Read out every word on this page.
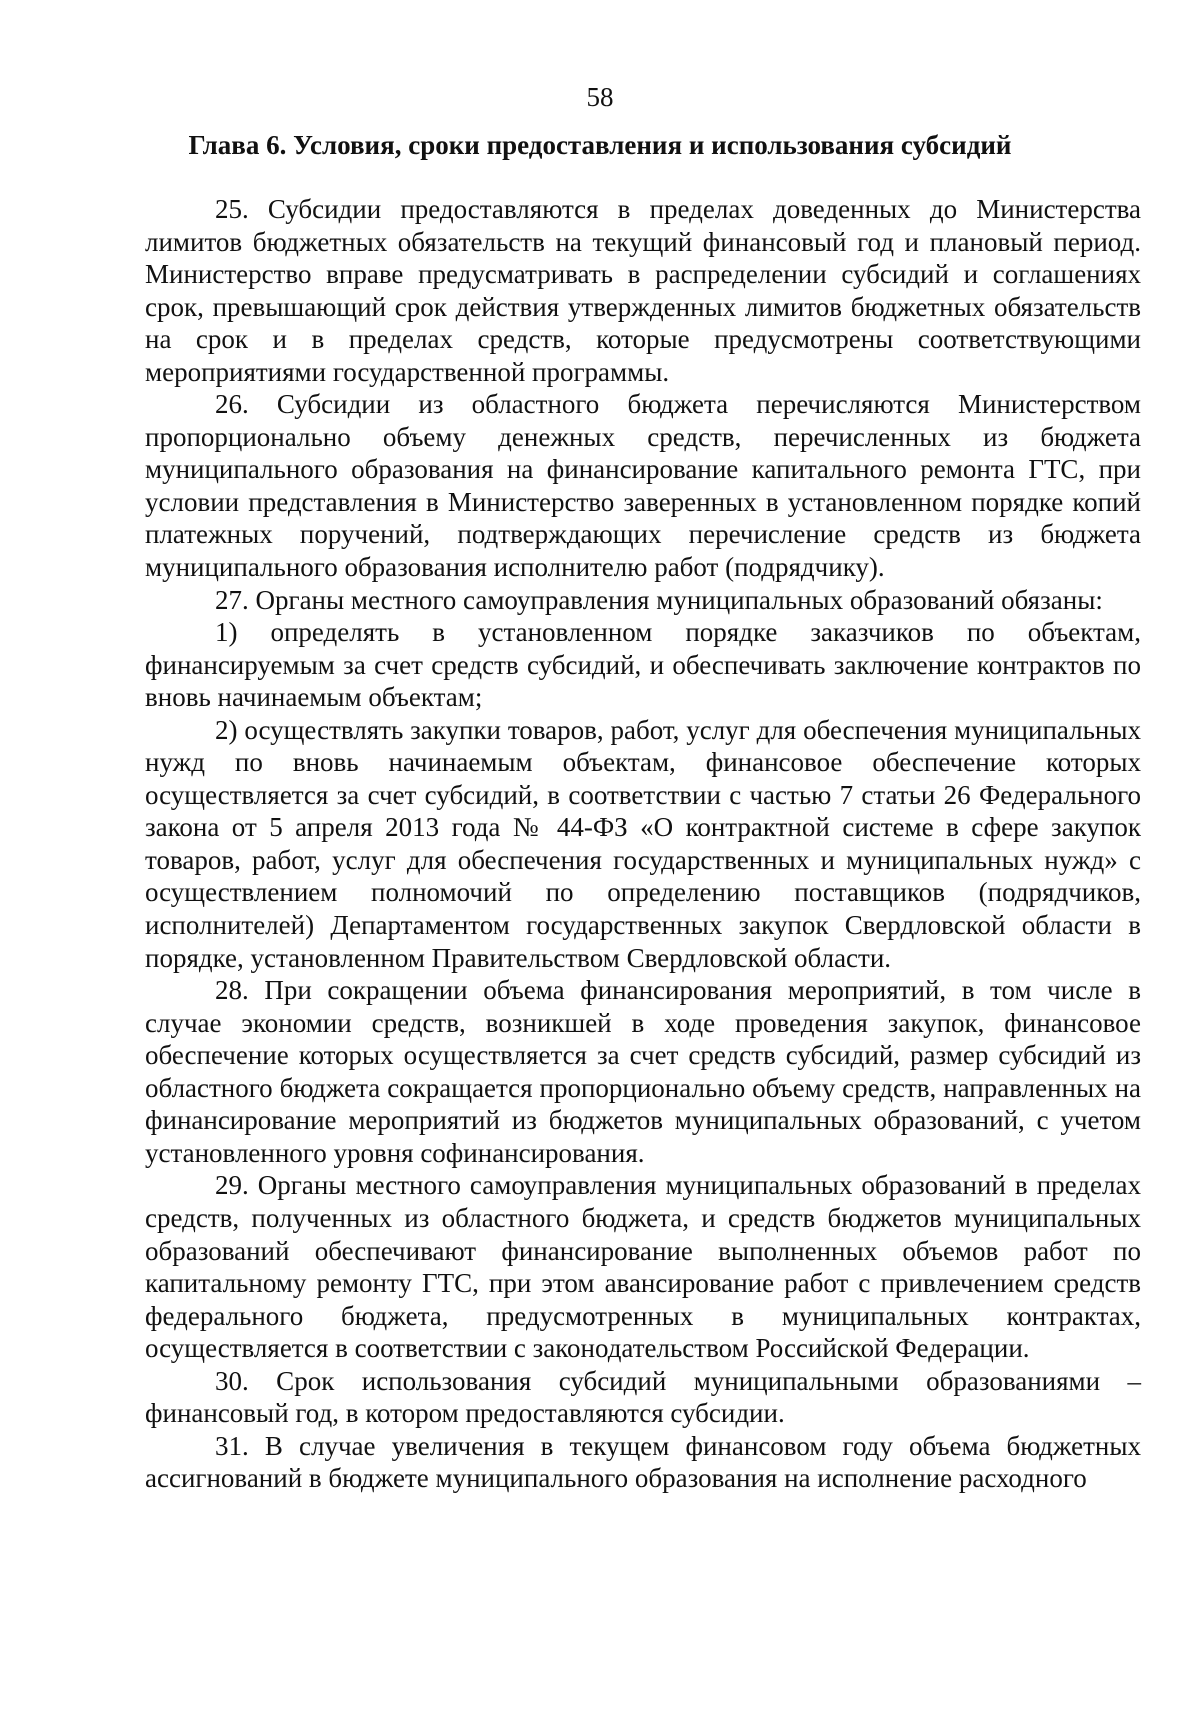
58
Глава 6. Условия, сроки предоставления и использования субсидий

25. Субсидии предоставляются в пределах доведенных до Министерства лимитов бюджетных обязательств на текущий финансовый год и плановый период. Министерство вправе предусматривать в распределении субсидий и соглашениях срок, превышающий срок действия утвержденных лимитов бюджетных обязательств на срок и в пределах средств, которые предусмотрены соответствующими мероприятиями государственной программы.

26. Субсидии из областного бюджета перечисляются Министерством пропорционально объему денежных средств, перечисленных из бюджета муниципального образования на финансирование капитального ремонта ГТС, при условии представления в Министерство заверенных в установленном порядке копий платежных поручений, подтверждающих перечисление средств из бюджета муниципального образования исполнителю работ (подрядчику).

27. Органы местного самоуправления муниципальных образований обязаны:

1) определять в установленном порядке заказчиков по объектам, финансируемым за счет средств субсидий, и обеспечивать заключение контрактов по вновь начинаемым объектам;

2) осуществлять закупки товаров, работ, услуг для обеспечения муниципальных нужд по вновь начинаемым объектам, финансовое обеспечение которых осуществляется за счет субсидий, в соответствии с частью 7 статьи 26 Федерального закона от 5 апреля 2013 года № 44-ФЗ «О контрактной системе в сфере закупок товаров, работ, услуг для обеспечения государственных и муниципальных нужд» с осуществлением полномочий по определению поставщиков (подрядчиков, исполнителей) Департаментом государственных закупок Свердловской области в порядке, установленном Правительством Свердловской области.

28. При сокращении объема финансирования мероприятий, в том числе в случае экономии средств, возникшей в ходе проведения закупок, финансовое обеспечение которых осуществляется за счет средств субсидий, размер субсидий из областного бюджета сокращается пропорционально объему средств, направленных на финансирование мероприятий из бюджетов муниципальных образований, с учетом установленного уровня софинансирования.

29. Органы местного самоуправления муниципальных образований в пределах средств, полученных из областного бюджета, и средств бюджетов муниципальных образований обеспечивают финансирование выполненных объемов работ по капитальному ремонту ГТС, при этом авансирование работ с привлечением средств федерального бюджета, предусмотренных в муниципальных контрактах, осуществляется в соответствии с законодательством Российской Федерации.

30. Срок использования субсидий муниципальными образованиями – финансовый год, в котором предоставляются субсидии.

31. В случае увеличения в текущем финансовом году объема бюджетных ассигнований в бюджете муниципального образования на исполнение расходного
